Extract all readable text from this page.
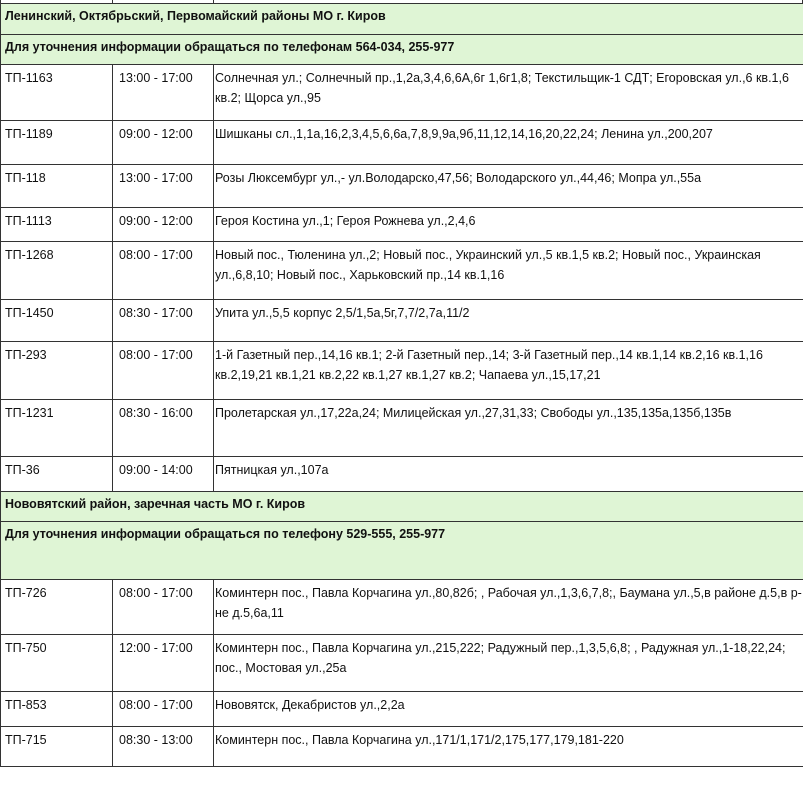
Ленинский, Октябрьский, Первомайский районы МО г. Киров		
Для уточнения информации обращаться по телефонам 564-034, 255-977		
ТП-1163	13:00 - 17:00	Солнечная ул.; Солнечный пр.,1,2а,3,4,6,6А,6г 1,6г1,8; Текстильщик-1 СДТ; Егоровская ул.,6 кв.1,6 кв.2; Щорса ул.,95
ТП-1189	09:00 - 12:00	Шишканы сл.,1,1а,16,2,3,4,5,6,6а,7,8,9,9а,9б,11,12,14,16,20,22,24; Ленина ул.,200,207
ТП-118	13:00 - 17:00	Розы Люксембург ул.,- ул.Володарско,47,56; Володарского ул.,44,46; Мопра ул.,55а
ТП-1113	09:00 - 12:00	Героя Костина ул.,1; Героя Рожнева ул.,2,4,6
ТП-1268	08:00 - 17:00	Новый пос., Тюленина ул.,2; Новый пос., Украинский ул.,5 кв.1,5 кв.2; Новый пос., Украинская ул.,6,8,10; Новый пос., Харьковский пр.,14 кв.1,16
ТП-1450	08:30 - 17:00	Упита ул.,5,5 корпус 2,5/1,5а,5г,7,7/2,7а,11/2
ТП-293	08:00 - 17:00	1-й Газетный пер.,14,16 кв.1; 2-й Газетный пер.,14; 3-й Газетный пер.,14 кв.1,14 кв.2,16 кв.1,16 кв.2,19,21 кв.1,21 кв.2,22 кв.1,27 кв.1,27 кв.2; Чапаева ул.,15,17,21
ТП-1231	08:30 - 16:00	Пролетарская ул.,17,22а,24; Милицейская ул.,27,31,33; Свободы ул.,135,135а,135б,135в
ТП-36	09:00 - 14:00	Пятницкая ул.,107а
Нововятский район, заречная часть МО г. Киров		
Для уточнения информации обращаться по телефону 529-555, 255-977		
ТП-726	08:00 - 17:00	Коминтерн пос., Павла Корчагина ул.,80,82б; , Рабочая ул.,1,3,6,7,8;, Баумана ул.,5,в районе д.5,в р-не д.5,6а,11
ТП-750	12:00 - 17:00	Коминтерн пос., Павла Корчагина ул.,215,222; Радужный пер.,1,3,5,6,8; , Радужная ул.,1-18,22,24; пос., Мостовая ул.,25а
ТП-853	08:00 - 17:00	Нововятск, Декабристов ул.,2,2а
ТП-715	08:30 - 13:00	Коминтерн пос., Павла Корчагина ул.,171/1,171/2,175,177,179,181-220
